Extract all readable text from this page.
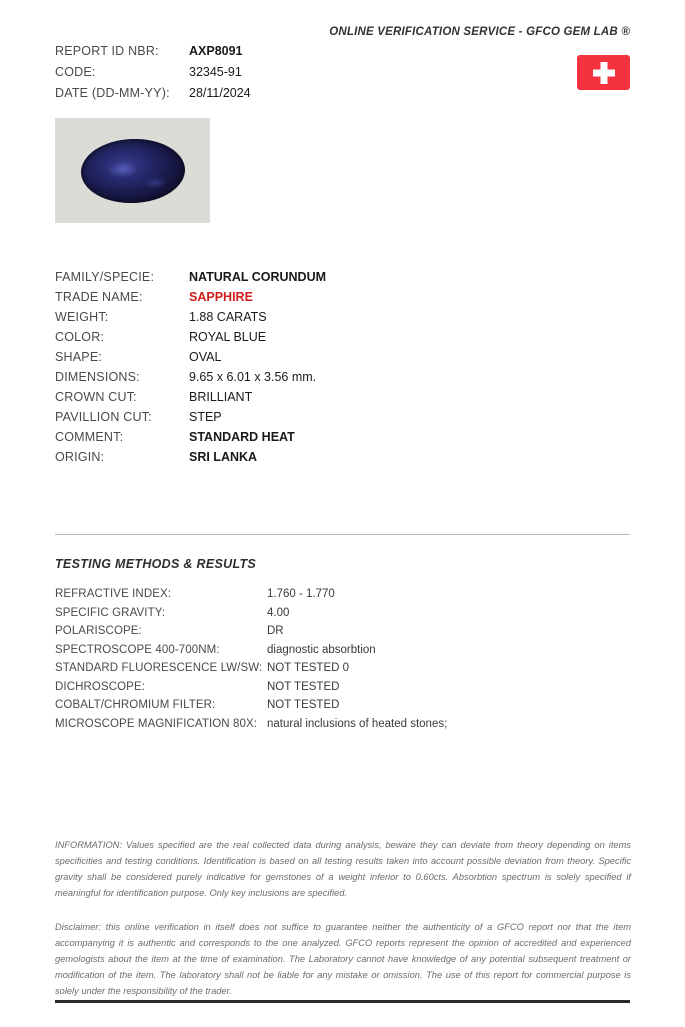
ONLINE VERIFICATION SERVICE - GFCO GEM LAB ®
REPORT ID NBR:	AXP8091
CODE:	32345-91
DATE (DD-MM-YY):	28/11/2024
FAMILY/SPECIE:	NATURAL CORUNDUM
TRADE NAME:	SAPPHIRE
WEIGHT:	1.88 CARATS
COLOR:	ROYAL BLUE
SHAPE:	OVAL
DIMENSIONS:	9.65 x 6.01 x 3.56 mm.
CROWN CUT:	BRILLIANT
PAVILLION CUT:	STEP
COMMENT:	STANDARD HEAT
ORIGIN:	SRI LANKA
TESTING METHODS & RESULTS
REFRACTIVE INDEX:	1.760 - 1.770
SPECIFIC GRAVITY:	4.00
POLARISCOPE:	DR
SPECTROSCOPE 400-700NM:	diagnostic absorbtion
STANDARD FLUORESCENCE LW/SW: NOT TESTED 0
DICHROSCOPE:	NOT TESTED
COBALT/CHROMIUM FILTER:	NOT TESTED
MICROSCOPE MAGNIFICATION 80X: natural inclusions of heated stones;
INFORMATION: Values specified are the real collected data during analysis, beware they can deviate from theory depending on items specificities and testing conditions. Identification is based on all testing results taken into account possible deviation from theory. Specific gravity shall be considered purely indicative for gemstones of a weight inferior to 0.60cts. Absorbtion spectrum is solely specified if meaningful for identification purpose. Only key inclusions are specified.
Disclaimer: this online verification in itself does not suffice to guarantee neither the authenticity of a GFCO report nor that the item accompanying it is authentic and corresponds to the one analyzed. GFCO reports represent the opinion of accredited and experienced gemologists about the item at the time of examination. The Laboratory cannot have knowledge of any potential subsequent treatment or modification of the item. The laboratory shall not be liable for any mistake or omission. The use of this report for commercial purpose is solely under the responsibility of the trader.
